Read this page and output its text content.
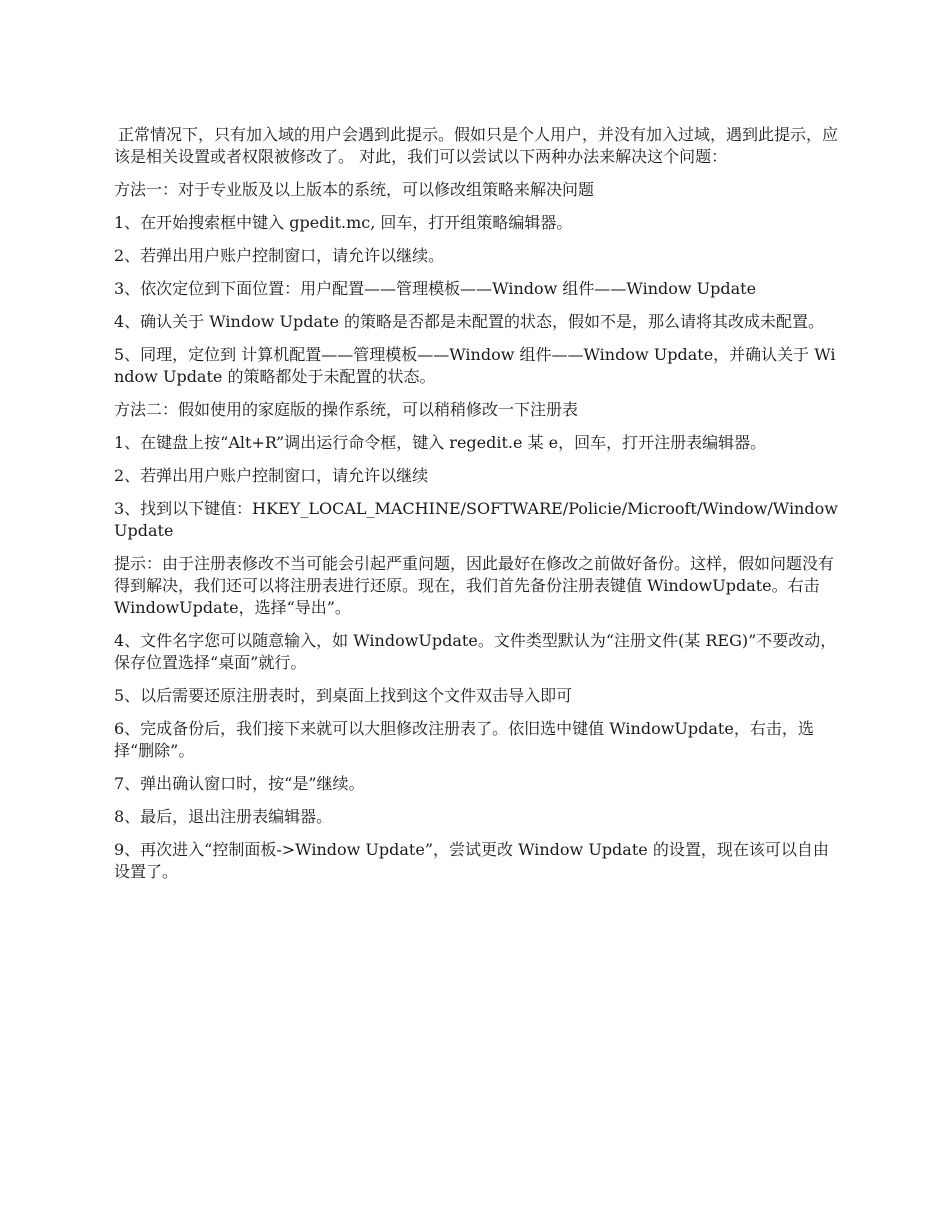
正常情况下，只有加入域的用户会遇到此提示。假如只是个人用户，并没有加入过域，遇到此提示，应该是相关设置或者权限被修改了。 对此，我们可以尝试以下两种办法来解决这个问题：

方法一：对于专业版及以上版本的系统，可以修改组策略来解决问题

1、在开始搜索框中键入 gpedit.mc, 回车，打开组策略编辑器。

2、若弹出用户账户控制窗口，请允许以继续。

3、依次定位到下面位置：用户配置——管理模板——Window 组件——Window Update

4、确认关于 Window Update 的策略是否都是未配置的状态，假如不是，那么请将其改成未配置。

5、同理，定位到 计算机配置——管理模板——Window 组件——Window Update，并确认关于 Window Update 的策略都处于未配置的状态。

方法二：假如使用的家庭版的操作系统，可以稍稍修改一下注册表

1、在键盘上按“Alt+R”调出运行命令框，键入 regedit.e 某 e，回车，打开注册表编辑器。

2、若弹出用户账户控制窗口，请允许以继续

3、找到以下键值：HKEY_LOCAL_MACHINE/SOFTWARE/Policie/Microoft/Window/WindowUpdate

提示：由于注册表修改不当可能会引起严重问题，因此最好在修改之前做好备份。这样，假如问题没有得到解决，我们还可以将注册表进行还原。现在，我们首先备份注册表键值 WindowUpdate。右击 WindowUpdate，选择“导出”。

4、文件名字您可以随意输入，如 WindowUpdate。文件类型默认为“注册文件(某 REG)”不要改动，保存位置选择“桌面”就行。

5、以后需要还原注册表时，到桌面上找到这个文件双击导入即可

6、完成备份后，我们接下来就可以大胆修改注册表了。依旧选中键值 WindowUpdate，右击，选择“删除”。

7、弹出确认窗口时，按“是”继续。

8、最后，退出注册表编辑器。

9、再次进入“控制面板->Window Update”，尝试更改 Window Update 的设置，现在该可以自由设置了。
